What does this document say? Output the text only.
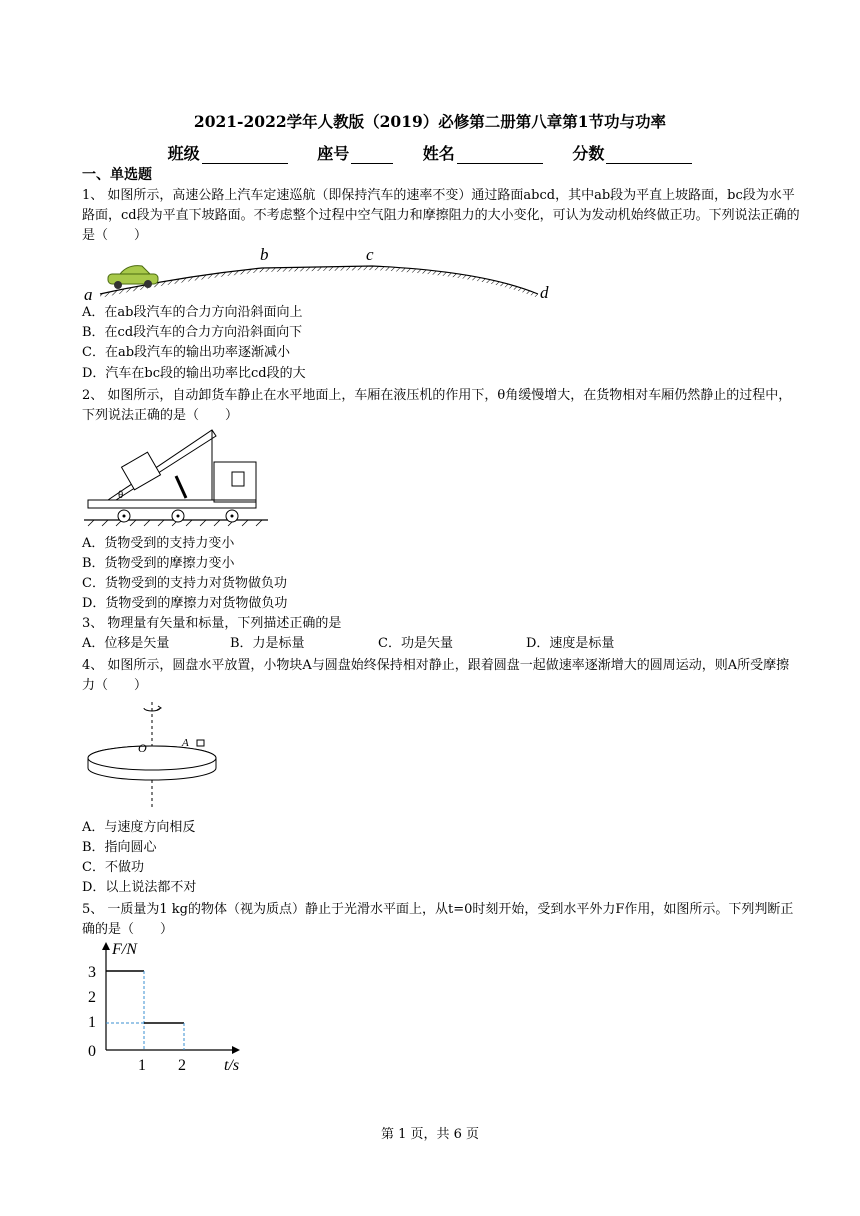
2021-2022学年人教版（2019）必修第二册第八章第1节功与功率
班级	座号	姓名	分数
一、单选题
1、 如图所示，高速公路上汽车定速巡航（即保持汽车的速率不变）通过路面abcd，其中ab段为平直上坡路面，bc段为水平路面，cd段为平直下坡路面。不考虑整个过程中空气阻力和摩擦阻力的大小变化，可认为发动机始终做正功。下列说法正确的是（　　）
a
b	c
d
A．在ab段汽车的合力方向沿斜面向上
B．在cd段汽车的合力方向沿斜面向下
C．在ab段汽车的输出功率逐渐减小
D．汽车在bc段的输出功率比cd段的大
2、 如图所示，自动卸货车静止在水平地面上，车厢在液压机的作用下，θ角缓慢增大，在货物相对车厢仍然静止的过程中，下列说法正确的是（　　）
θ
A．货物受到的支持力变小
B．货物受到的摩擦力变小
C．货物受到的支持力对货物做负功
D．货物受到的摩擦力对货物做负功
3、 物理量有矢量和标量，下列描述正确的是
A．位移是矢量	B．力是标量	C．功是矢量	D．速度是标量
4、 如图所示，圆盘水平放置，小物块A与圆盘始终保持相对静止，跟着圆盘一起做速率逐渐增大的圆周运动，则A所受摩擦力（　　）
O	A
A．与速度方向相反
B．指向圆心
C．不做功
D．以上说法都不对
5、 一质量为1 kg的物体（视为质点）静止于光滑水平面上，从t=0时刻开始，受到水平外力F作用，如图所示。下列判断正确的是（　　）
F/N
t/s
3
2
1
0
1 2
第 1 页，共 6 页
